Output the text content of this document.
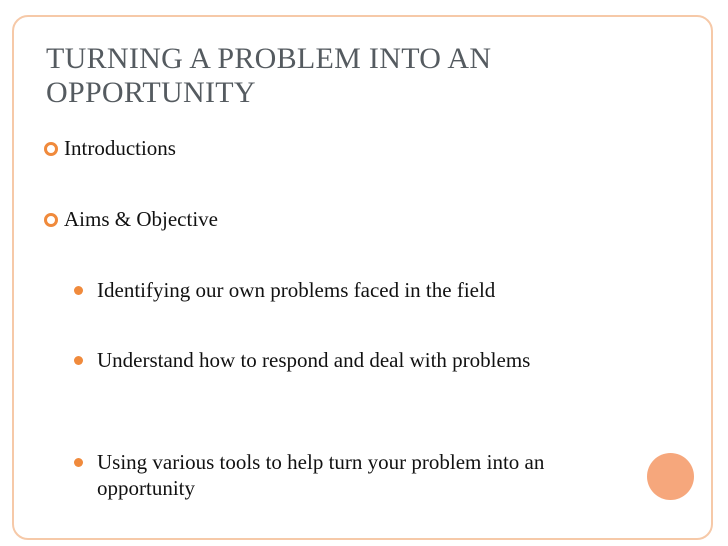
TURNING A PROBLEM INTO AN OPPORTUNITY
Introductions
Aims & Objective
Identifying our own problems faced in the field
Understand how to respond and deal with problems
Using various tools to help turn your problem into an opportunity
